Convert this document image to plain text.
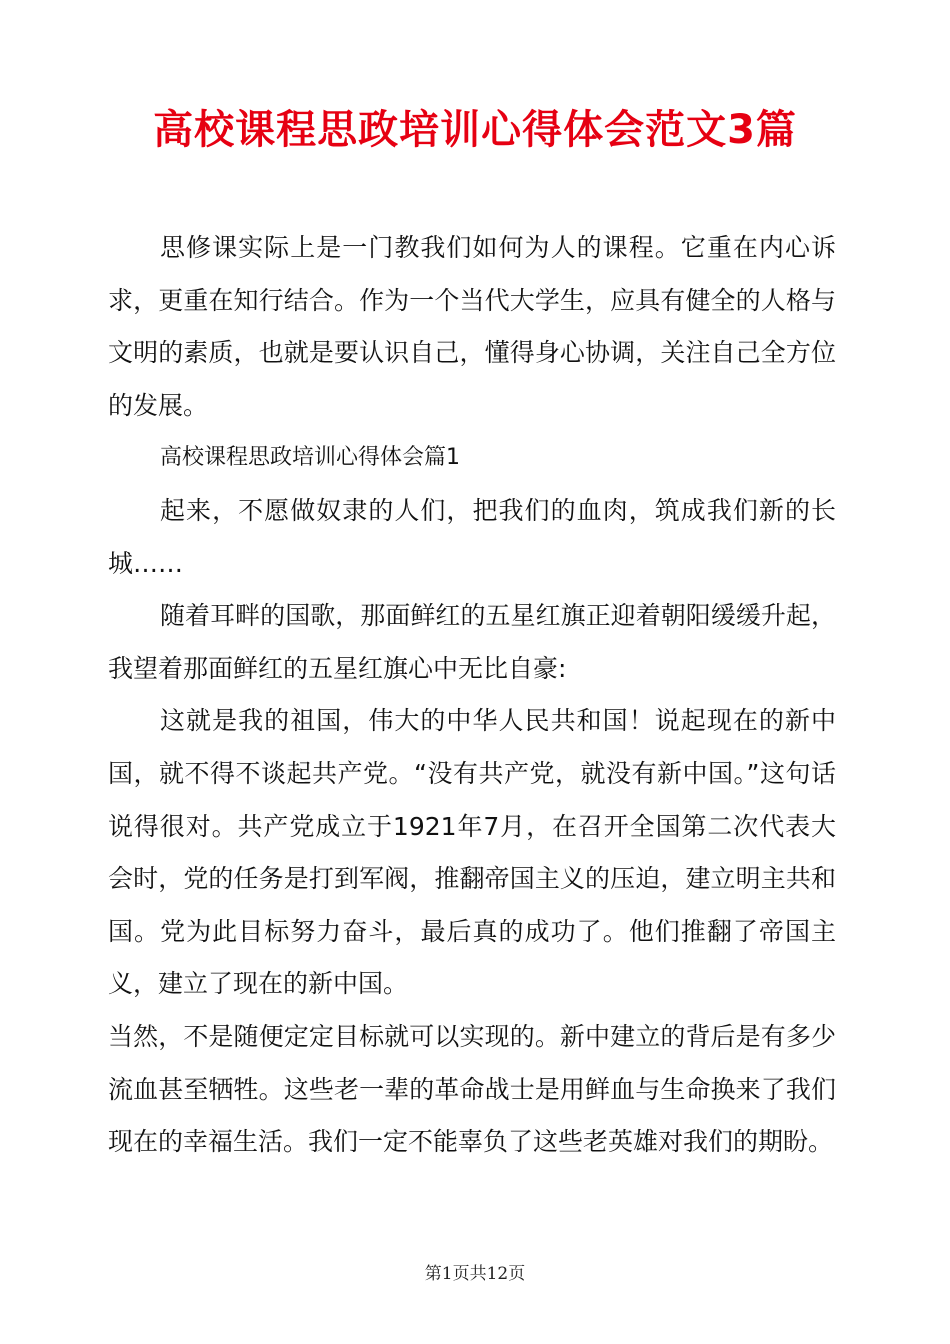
高校课程思政培训心得体会范文3篇

思修课实际上是一门教我们如何为人的课程。它重在内心诉求，更重在知行结合。作为一个当代大学生，应具有健全的人格与文明的素质，也就是要认识自己，懂得身心协调，关注自己全方位的发展。

高校课程思政培训心得体会篇1

起来，不愿做奴隶的人们，把我们的血肉，筑成我们新的长城……

随着耳畔的国歌，那面鲜红的五星红旗正迎着朝阳缓缓升起，我望着那面鲜红的五星红旗心中无比自豪:

这就是我的祖国，伟大的中华人民共和国！说起现在的新中国，就不得不谈起共产党。“没有共产党，就没有新中国。”这句话说得很对。共产党成立于1921年7月，在召开全国第二次代表大会时，党的任务是打到军阀，推翻帝国主义的压迫，建立明主共和国。党为此目标努力奋斗，最后真的成功了。他们推翻了帝国主义，建立了现在的新中国。

当然，不是随便定定目标就可以实现的。新中建立的背后是有多少流血甚至牺牲。这些老一辈的革命战士是用鲜血与生命换来了我们现在的幸福生活。我们一定不能辜负了这些老英雄对我们的期盼。

第1页共12页
